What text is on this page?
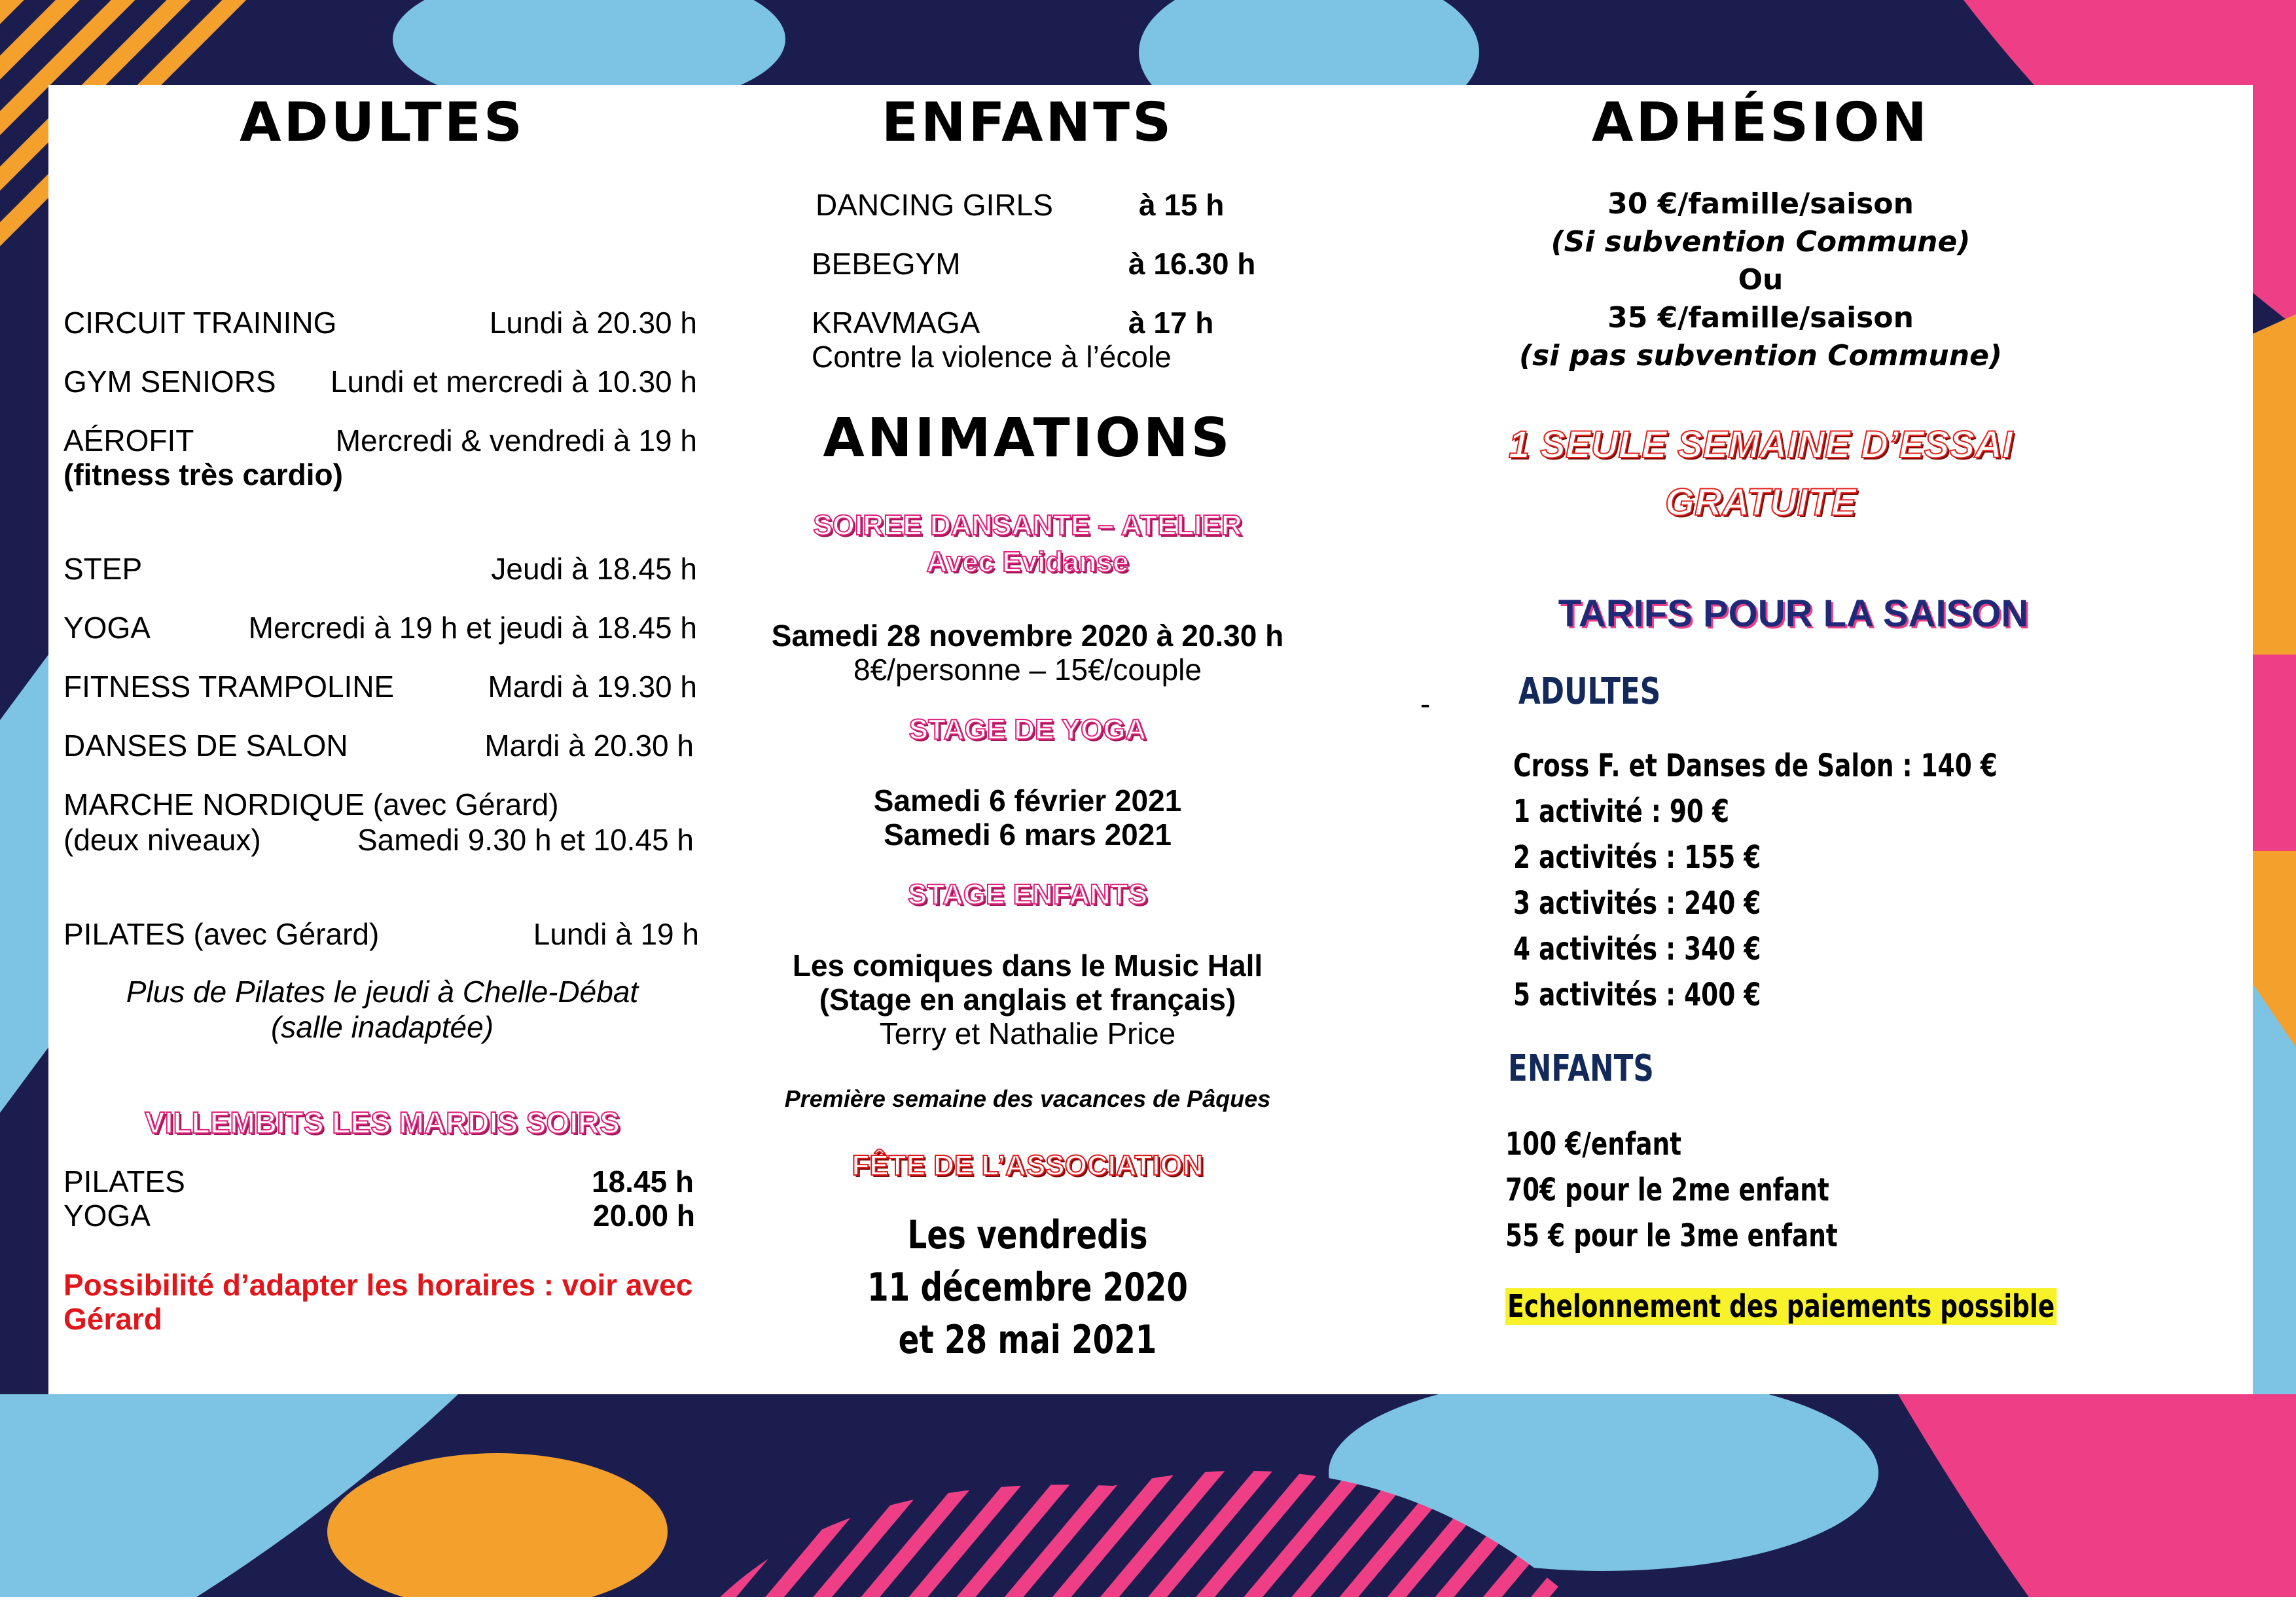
ADULTES
CIRCUIT TRAINING	Lundi à 20.30 h
GYM SENIORS	Lundi et mercredi à 10.30 h
AÉROFIT	Mercredi & vendredi à 19 h
(fitness très cardio)
STEP	Jeudi à 18.45 h
YOGA	Mercredi à 19 h et jeudi à 18.45 h
FITNESS TRAMPOLINE	Mardi à 19.30 h
DANSES DE SALON	Mardi à 20.30 h
MARCHE NORDIQUE (avec Gérard)
(deux niveaux)	Samedi 9.30 h et 10.45 h
PILATES (avec Gérard)	Lundi à 19 h
Plus de Pilates le jeudi à Chelle-Débat
(salle inadaptée)
VILLEMBITS LES MARDIS SOIRS
PILATES	18.45 h
YOGA	20.00 h
Possibilité d’adapter les horaires : voir avec
Gérard
ENFANTS
DANCING GIRLS	à 15 h
BEBEGYM	à 16.30 h
KRAVMAGA	à 17 h
Contre la violence à l’école
ANIMATIONS
SOIREE DANSANTE – ATELIER
Avec Evidanse
Samedi 28 novembre 2020 à 20.30 h
8€/personne – 15€/couple
STAGE DE YOGA
Samedi 6 février 2021
Samedi 6 mars 2021
STAGE ENFANTS
Les comiques dans le Music Hall
(Stage en anglais et français)
Terry et Nathalie Price
Première semaine des vacances de Pâques
FÊTE DE L’ASSOCIATION
Les vendredis
11 décembre 2020
et 28 mai 2021
ADHÉSION
30 €/famille/saison
(Si subvention Commune)
Ou
35 €/famille/saison
(si pas subvention Commune)
1 SEULE SEMAINE D’ESSAI
GRATUITE
TARIFS POUR LA SAISON
- ADULTES
Cross F. et Danses de Salon : 140 €
1 activité : 90 €
2 activités : 155 €
3 activités : 240 €
4 activités : 340 €
5 activités : 400 €
ENFANTS
100 €/enfant
70€ pour le 2me enfant
55 € pour le 3me enfant
Echelonnement des paiements possible
